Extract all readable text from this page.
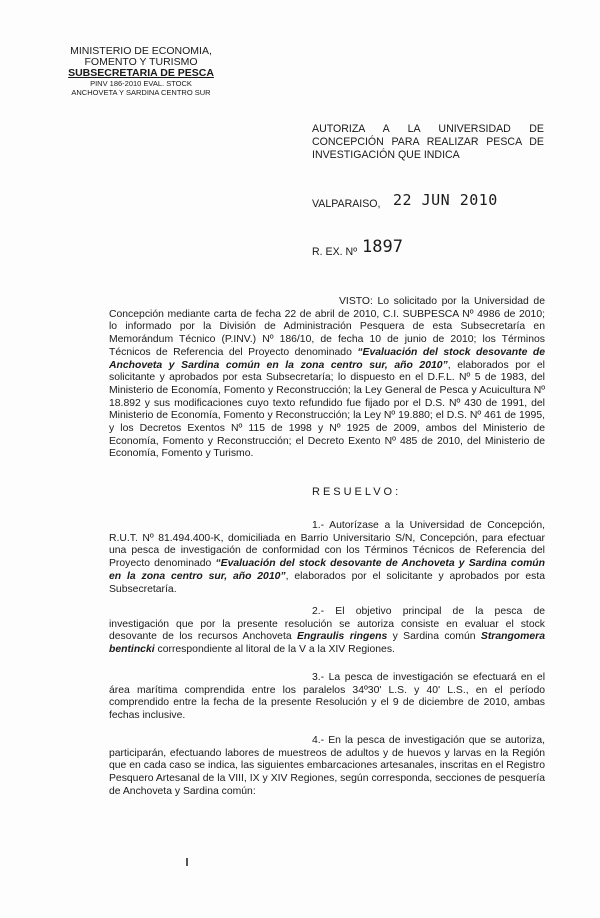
MINISTERIO DE ECONOMIA,
FOMENTO Y TURISMO
SUBSECRETARIA DE PESCA
PINV 186-2010 EVAL. STOCK
ANCHOVETA Y SARDINA CENTRO SUR
AUTORIZA A LA UNIVERSIDAD DE CONCEPCIÓN PARA REALIZAR PESCA DE INVESTIGACIÓN QUE INDICA
VALPARAISO, 22 JUN 2010
R. EX. Nº 1897
VISTO: Lo solicitado por la Universidad de Concepción mediante carta de fecha 22 de abril de 2010, C.I. SUBPESCA Nº 4986 de 2010; lo informado por la División de Administración Pesquera de esta Subsecretaría en Memorándum Técnico (P.INV.) Nº 186/10, de fecha 10 de junio de 2010; los Términos Técnicos de Referencia del Proyecto denominado “Evaluación del stock desovante de Anchoveta y Sardina común en la zona centro sur, año 2010”, elaborados por el solicitante y aprobados por esta Subsecretaría; lo dispuesto en el D.F.L. Nº 5 de 1983, del Ministerio de Economía, Fomento y Reconstrucción; la Ley General de Pesca y Acuicultura Nº 18.892 y sus modificaciones cuyo texto refundido fue fijado por el D.S. Nº 430 de 1991, del Ministerio de Economía, Fomento y Reconstrucción; la Ley Nº 19.880; el D.S. Nº 461 de 1995, y los Decretos Exentos Nº 115 de 1998 y Nº 1925 de 2009, ambos del Ministerio de Economía, Fomento y Reconstrucción; el Decreto Exento Nº 485 de 2010, del Ministerio de Economía, Fomento y Turismo.
RESUELVO:
1.- Autorízase a la Universidad de Concepción, R.U.T. Nº 81.494.400-K, domiciliada en Barrio Universitario S/N, Concepción, para efectuar una pesca de investigación de conformidad con los Términos Técnicos de Referencia del Proyecto denominado “Evaluación del stock desovante de Anchoveta y Sardina común en la zona centro sur, año 2010”, elaborados por el solicitante y aprobados por esta Subsecretaría.
2.- El objetivo principal de la pesca de investigación que por la presente resolución se autoriza consiste en evaluar el stock desovante de los recursos Anchoveta Engraulis ringens y Sardina común Strangomera bentincki correspondiente al litoral de la V a la XIV Regiones.
3.- La pesca de investigación se efectuará en el área marítima comprendida entre los paralelos 34º30' L.S. y 40' L.S., en el período comprendido entre la fecha de la presente Resolución y el 9 de diciembre de 2010, ambas fechas inclusive.
4.- En la pesca de investigación que se autoriza, participarán, efectuando labores de muestreos de adultos y de huevos y larvas en la Región que en cada caso se indica, las siguientes embarcaciones artesanales, inscritas en el Registro Pesquero Artesanal de la VIII, IX y XIV Regiones, según corresponda, secciones de pesquería de Anchoveta y Sardina común:
